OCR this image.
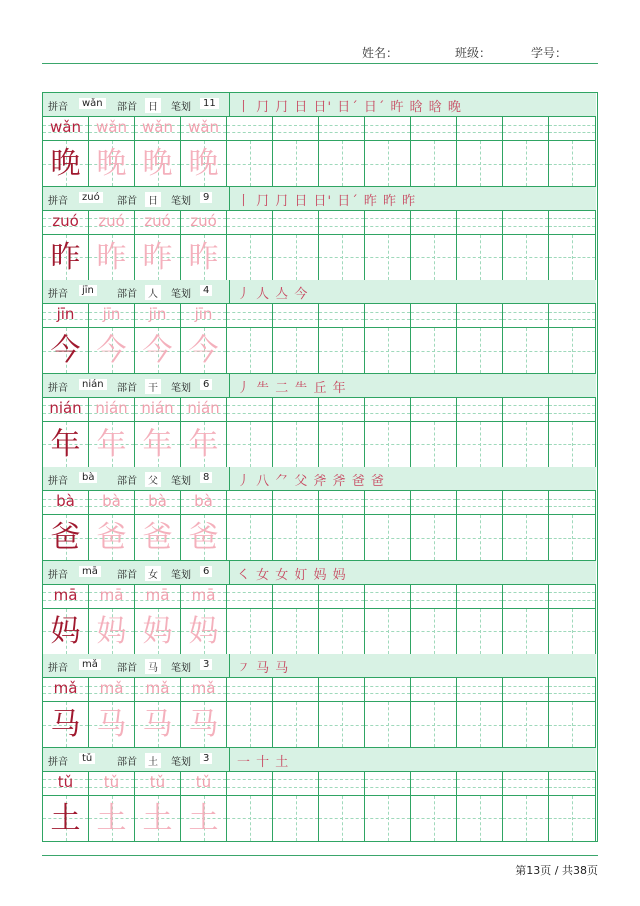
姓名：	班级：	学号：
拼音	wǎn	部首	日	笔划	11 丨 ⺆ ⺆ 日 日' 日ˊ 日ˊ 旿 晗 晗 晚
wǎn	wǎn	wǎn	wǎn
晚 晚 晚 晚
拼音	zuó	部首	日	笔划	9 丨 ⺆ ⺆ 日 日' 日ˊ 昨 昨 昨
zuó	zuó	zuó	zuó
昨 昨 昨 昨
拼音	jīn	部首	人	笔划	4 丿 人 亼 今
jīn	jīn	jīn	jīn
今 今 今 今
拼音	nián	部首	干	笔划	6 丿 ⺧ 二 ⺧ 丘 年
nián nián nián nián
年 年 年 年
拼音	bà	部首	父	笔划	8 丿 八 ⺈ 父 斧 斧 爸 爸
bà	bà	bà	bà
爸 爸 爸 爸
拼音	mā	部首	女	笔划	6 ㇛ 女 女 奵 妈 妈
mā	mā	mā	mā
妈 妈 妈 妈
拼音	mǎ	部首	马	笔划	3 ㇇ 马 马
mǎ	mǎ	mǎ	mǎ
马 马 马 马
拼音	tǔ	部首	土	笔划	3 一 十 土
tǔ	tǔ	tǔ	tǔ
土 土 土 土
第13页 / 共38页
